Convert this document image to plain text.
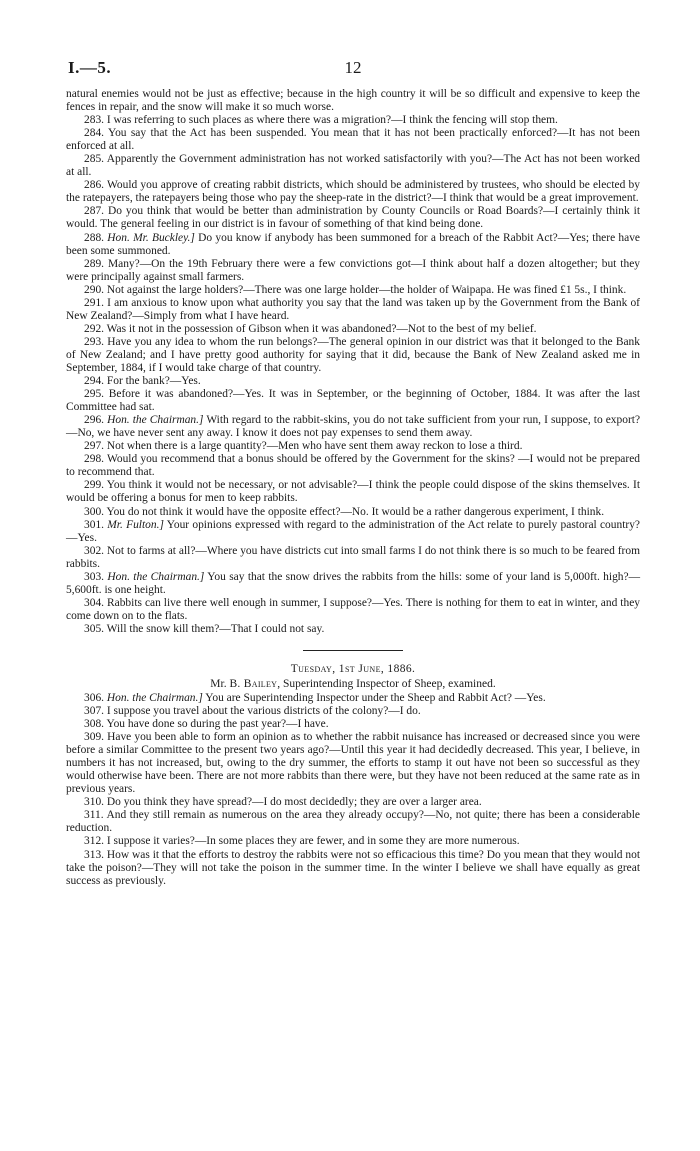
12
I.—5.

natural enemies would not be just as effective; because in the high country it will be so difficult and expensive to keep the fences in repair, and the snow will make it so much worse.

283. I was referring to such places as where there was a migration?—I think the fencing will stop them.

284. You say that the Act has been suspended. You mean that it has not been practically enforced?—It has not been enforced at all.

285. Apparently the Government administration has not worked satisfactorily with you?—The Act has not been worked at all.

286. Would you approve of creating rabbit districts, which should be administered by trustees, who should be elected by the ratepayers, the ratepayers being those who pay the sheep-rate in the district?—I think that would be a great improvement.

287. Do you think that would be better than administration by County Councils or Road Boards?—I certainly think it would. The general feeling in our district is in favour of something of that kind being done.

288. Hon. Mr. Buckley.] Do you know if anybody has been summoned for a breach of the Rabbit Act?—Yes; there have been some summoned.

289. Many?—On the 19th February there were a few convictions got—I think about half a dozen altogether; but they were principally against small farmers.

290. Not against the large holders?—There was one large holder—the holder of Waipapa. He was fined £1 5s., I think.

291. I am anxious to know upon what authority you say that the land was taken up by the Government from the Bank of New Zealand?—Simply from what I have heard.

292. Was it not in the possession of Gibson when it was abandoned?—Not to the best of my belief.

293. Have you any idea to whom the run belongs?—The general opinion in our district was that it belonged to the Bank of New Zealand; and I have pretty good authority for saying that it did, because the Bank of New Zealand asked me in September, 1884, if I would take charge of that country.

294. For the bank?—Yes.

295. Before it was abandoned?—Yes. It was in September, or the beginning of October, 1884. It was after the last Committee had sat.

296. Hon. the Chairman.] With regard to the rabbit-skins, you do not take sufficient from your run, I suppose, to export?—No, we have never sent any away. I know it does not pay expenses to send them away.

297. Not when there is a large quantity?—Men who have sent them away reckon to lose a third.

298. Would you recommend that a bonus should be offered by the Government for the skins? —I would not be prepared to recommend that.

299. You think it would not be necessary, or not advisable?—I think the people could dispose of the skins themselves. It would be offering a bonus for men to keep rabbits.

300. You do not think it would have the opposite effect?—No. It would be a rather dangerous experiment, I think.

301. Mr. Fulton.] Your opinions expressed with regard to the administration of the Act relate to purely pastoral country?—Yes.

302. Not to farms at all?—Where you have districts cut into small farms I do not think there is so much to be feared from rabbits.

303. Hon. the Chairman.] You say that the snow drives the rabbits from the hills: some of your land is 5,000ft. high?—5,600ft. is one height.

304. Rabbits can live there well enough in summer, I suppose?—Yes. There is nothing for them to eat in winter, and they come down on to the flats.

305. Will the snow kill them?—That I could not say.

Tuesday, 1st June, 1886.
Mr. B. Bailey, Superintending Inspector of Sheep, examined.

306. Hon. the Chairman.] You are Superintending Inspector under the Sheep and Rabbit Act? —Yes.

307. I suppose you travel about the various districts of the colony?—I do.

308. You have done so during the past year?—I have.

309. Have you been able to form an opinion as to whether the rabbit nuisance has increased or decreased since you were before a similar Committee to the present two years ago?—Until this year it had decidedly decreased. This year, I believe, in numbers it has not increased, but, owing to the dry summer, the efforts to stamp it out have not been so successful as they would otherwise have been. There are not more rabbits than there were, but they have not been reduced at the same rate as in previous years.

310. Do you think they have spread?—I do most decidedly; they are over a larger area.

311. And they still remain as numerous on the area they already occupy?—No, not quite; there has been a considerable reduction.

312. I suppose it varies?—In some places they are fewer, and in some they are more numerous.

313. How was it that the efforts to destroy the rabbits were not so efficacious this time? Do you mean that they would not take the poison?—They will not take the poison in the summer time. In the winter I believe we shall have equally as great success as previously.
